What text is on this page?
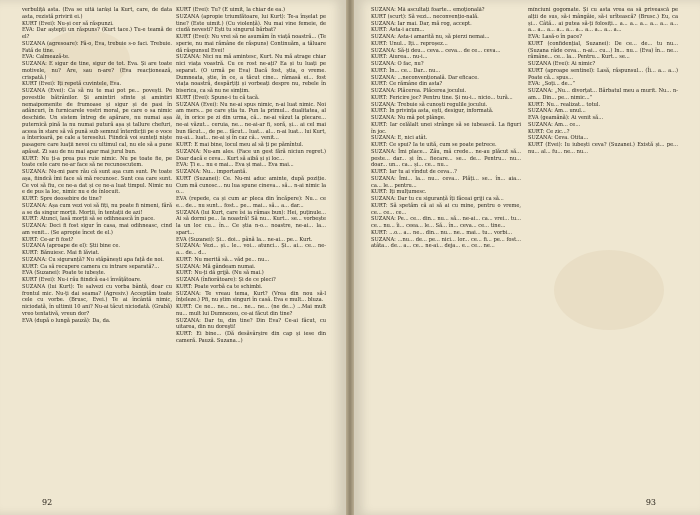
verbuliță asta. (Eva se uită iarăși la Kurt, care, de data asta, rezistă privirii ei.)

KURT (Evei): Nu-și cer să răspunzi.

EVA: Dar aștepți un răspuns? (Kurt tace.) Tu-e teamă de el?

SUZANA (agresoare): Fă-o, Eva, trebuie s-o faci. Trebuie. Fată de tine.

EVA: Calmează-te.

SUZANA: E sigur de tine, sigur de tot. Eva. Și are toate motivele, nu? Are, sau n-are? (Eva reacționează, crispată.)

KURT (Evei): Iți repetă cuvintele, Eva.

SUZANA (Evei): Ca să nu te mai pot pe... povești. Pe povestile bătrânilor. Și amintiri sfinte și amintiri nemaipomenite de frumoase și sigur și de pasi în adâncuri, în furnicarele vostri moral, pe care o sa nimic deschide. Un sistem întreg de apărare, nu numai așa puternică pină la nu numai putură așa și tallure chefuri, aceea în stare să vă pună sub semnul înterdicții pe o voce a înterioară, pe cale a tereselui. Fiindcă voi sunteți niște pasagere care luații nevoi cu ultimul cal, nu ele să a pune apăsat. Zi sau de nu mai apar mai jurul bun.

KURT: Nu ți-a prea pus ruie nimic. Nu pe toate fie, pe toate cele care ne-ar face să ne recunoscutem.

SUZANA: Nu-mi pare rău că sunt așa cum sunt. Pe toate așa, fiindcă îmi face să mă recunosc. Sunt cea care sunt. Ce voi să fiu, ce ne-a dat și ce ne-a luat timpul. Nimic nu e de pus la loc, nimic nu e de înlocuit.

KURT: Spre deosebire de tine?

SUZANA: Așa cum vezi voi să fiți, nu poate fi nimeni, fără a se da singur morții. Morții, în tentații de azi!

KURT: Atunci, lasă morții să se odihnească în pace.

SUZANA: Deci fi fost sigur în casa, mai odihneasc, cind am venit... (Se apropie încet de el.)

KURT: Ce-ar fi fost?

SUZANA (aproape de el): Știi bine ce.

KURT: Bănuiesc. Mai fi lăviat.

SUZANA: Cu siguranță? Nu stăpânești apa față de noi.

KURT: Ca să recupere camera cu intrare separată?...

EVA (Suzanei): Poate te iubește.

KURT (Evei): Nu-i rău fiindcă ea-i învățătoare.

SUZANA (lui Kurt): Te salvezi cu vorba bântă, doar cu frontul mic. Nu-ți dai seama? (Agresiv.) Acceptăm toate cele cu vorbe. (Brusc, Evei.) Te ai încântă nimic, niciodată, în ultimii 10 ani? Nu-ai tăcut niciodată. (Grabă) vreo tentativă, vreun dor?

EVA (după o lungă pauză): Da, da.

KURT (Evei): Tu? (E uimit, la chiar de ea.)

SUZANA (apropie triumfătoare, lui Kurt): Te-a înșelat pe tine? (Este uimit.) (Cu violență). Nu mai vine femeie, de ciudă nevesti? Ești tu singurul bărbat?

KURT (Evei): Nu vrei să ne asumăm în viață noastră... (Te sperie, nu mai rămâne de răspuns) Continuăm, a tăluare dă răspunsul Evei!

SUZANA: Nici nu mă amintesc, Kurt. Nu mă atrage chiar nici viața voastră. Cu ce rost ne-ați? Ea și tu luați pe separat. (O urmă pe Eva) Dacă fost, știa, o vreme. Dumneata, știe, în ce, a tăcut cine... rămasă ei... fost viața noastră, despărțiți și vorbeați despre nu, rebele în biserica, ca să nu ne simțim.

KURT (Evei): Spune-i tu că tacă.

SUZANA (Evei): Nu ne-ai spus nimic, n-ai luat nimic. Noi am mers... pe care știa tu. Pun la primul... dualitatea, al ăi, în orice pe zi din urma, că... ne-ai văzut la plecare... ne-ai văzut... ceruia, ne... ne-ai-ar fi, soră, și... ai cel mai bun făcut..., de pe... făcut... luat... al... n-ai luat... lui Kurt, nu-ai... luat... ne-ai și în caz că... venit...

KURT: E mai bine, locul meu al să ți pe pămîntul.

SUZANA: Nu-am ales. (Face un gest fără niciun regret.) Doar dacă e ceva... Kurt să aibă și și loc...

EVA: Ți e... nu e mai... Eva și mai... Eva mai...

SUZANA: Nu... importantă.

KURT (Suzanei): Ce. Nu-mi aduc aminte, după poziție. Cum mă cunosc... nu lua spune cineva... să... n-ai nimic la o...

EVA (repede, ca și cum ar pleca din încăpere): Nu... ce e... de... nu sunt... fost... pe... mai... să... a... dar...

SUZANA (lui Kurt, care îsi ia rămas bun): Hei, puținule... Ai să dormi pe... la noastră! Să nu... Kurt... se... vorbește la un loc cu... în... Ce știa n-o... noastre, ne-ai... la... spart...

EVA (Suzanei): Și... doi... până la... ne-ai... pe... Kurt.

SUZANA: Vezi... și... le... voi... atunci... Și... ai... ce... ne-a... de... d...

KURT: Nu merită să... văd pe... nu...

SUZANA: Mă gândeam numai.

KURT: Nu-ți dă grijă. (Nu să mai.)

SUZANA (înfiorătoare): Și de ce pleci?

KURT: Poate vorbă ca te schimbi.

SUZANA: Te vreau tema, Kurt? (Vrea din nou să-l înțeleze.) Pfi, nu știm singuri în casă. Eva e mult... bluza.

KURT: Ce ne... ne... ne... ne... ne... (ne de...) ...Mai mult nu... mult lui Dumnezeu, ce-ai făcut din tine?

SUZANA: Dar tu, din tine? Din Eva? Ce-ai făcut, cu uitarea, din nu doreşti!

KURT: Ei bine... (Dă desăvârșire din cap și iese din cameră. Pauză. Suzana...)

92

SUZANA: Mă ascultați foarte... emoțională?

KURT (scurt): Să vezi... neconvențio-nală.

SUZANA: Iar mai. Dar, mă rog, accept.

KURT: Asta-i acum...

SUZANA: Asta-i amarită nu, să pierzi nemai...

KURT: Unul... Iți... reproșez...

SUZANA: Să-ți deu... ceva... ceva... de ce... ceva...

KURT: Aiurea... nu-i...

SUZANA: O fac, nu?

KURT: În... ce... Dar... nu...

SUZANA: ...neconvențională. Dar eficace.

KURT: Ce rămâne din asta?

SUZANA: Plăcerea. Plăcerea jocului.

KURT: Fericire joc? Pentru tine. Și nu-i... nicio... tură...

SUZANA: Trebuie să cunoști regulile jocului.

KURT: În privința asta, ești, desigur, informată.

SUZANA: Nu mă pot plânge.

KURT: Iar celălalt unei strânge să se iubească. La figuri în joc.

SUZANA: E, nici atât.

KURT: Ce spui? Ia te uită, cum se poate petrece.

SUZANA: Îmi place... Zău, mă crede... ne-au plăcut să... peste... dar... și în... fiecare... se... de... Pentru... nu... doar... un... ca... și... ce... nu...

KURT: Iar tu ai vîndut de ceva...?

SUZANA: Îmi... la... nu... ceva... Plăți... se... în... aia... ca... le... pentru...

KURT: Iți mulțumesc.

SUZANA: Dar tu cu siguranță îți făceai griji ca să...

KURT: Să spetăm că ai să ai cu mine, pentru o vreme, ce... ce... ce...

SUZANA: Pe... ce... din... nu... să... ne-ai... ca... vrei... tu... ce... nu... îi... ceea... le... Să... în... ceva... ce... tine...

KURT: ...o... a... ne... din... nu... ne... mai... tu... vorbi...

SUZANA: ...nu... de... pe... nici... lor... ce... fi... pe... fost... atâta... de... a... ce... ne-ai... deja... e... ce... ne...

mînciuni gogomate. Și cu asta vrea ea să privească pe alții de sus, să-i mângâie, să-i urîtească? (Brusc.) Eu, ca și... Câtă... ai putea să-ți folosiți... a... a... a... a... a... a... a... a... a... a... a... a... a... a... a... a...

EVA: Lasă-o în pace?

KURT (confidențial, Suzanei): De ce... de... tu nu... (Suzana râde ceva... n-ai... cu...) In... nu... (Eva) în... ne... rămâne... ce... la... Pentru... Kurt... se...

SUZANA (Evei): Ai nimic?

KURT (aproape sentinel): Lasă, răspunsul... (Îi... a... a...) Poate că... spus...

EVA: „Soți... de...”

SUZANA: „Nu... divorțat... Bărbatul meu a murit. Nu... n-am... Din... pe... nimic...”

KURT: Nu... realizat... totul.

SUZANA: Am... unul...

EVA (geamănă): Ai venit să...

SUZANA: Am... ce...

KURT: Ce zic...?

SUZANA: Ceva. Otita...

KURT (Evei): Iu iubești ceva? (Suzanei.) Există și... pe... nu... al... fu... ne... nu...

93
